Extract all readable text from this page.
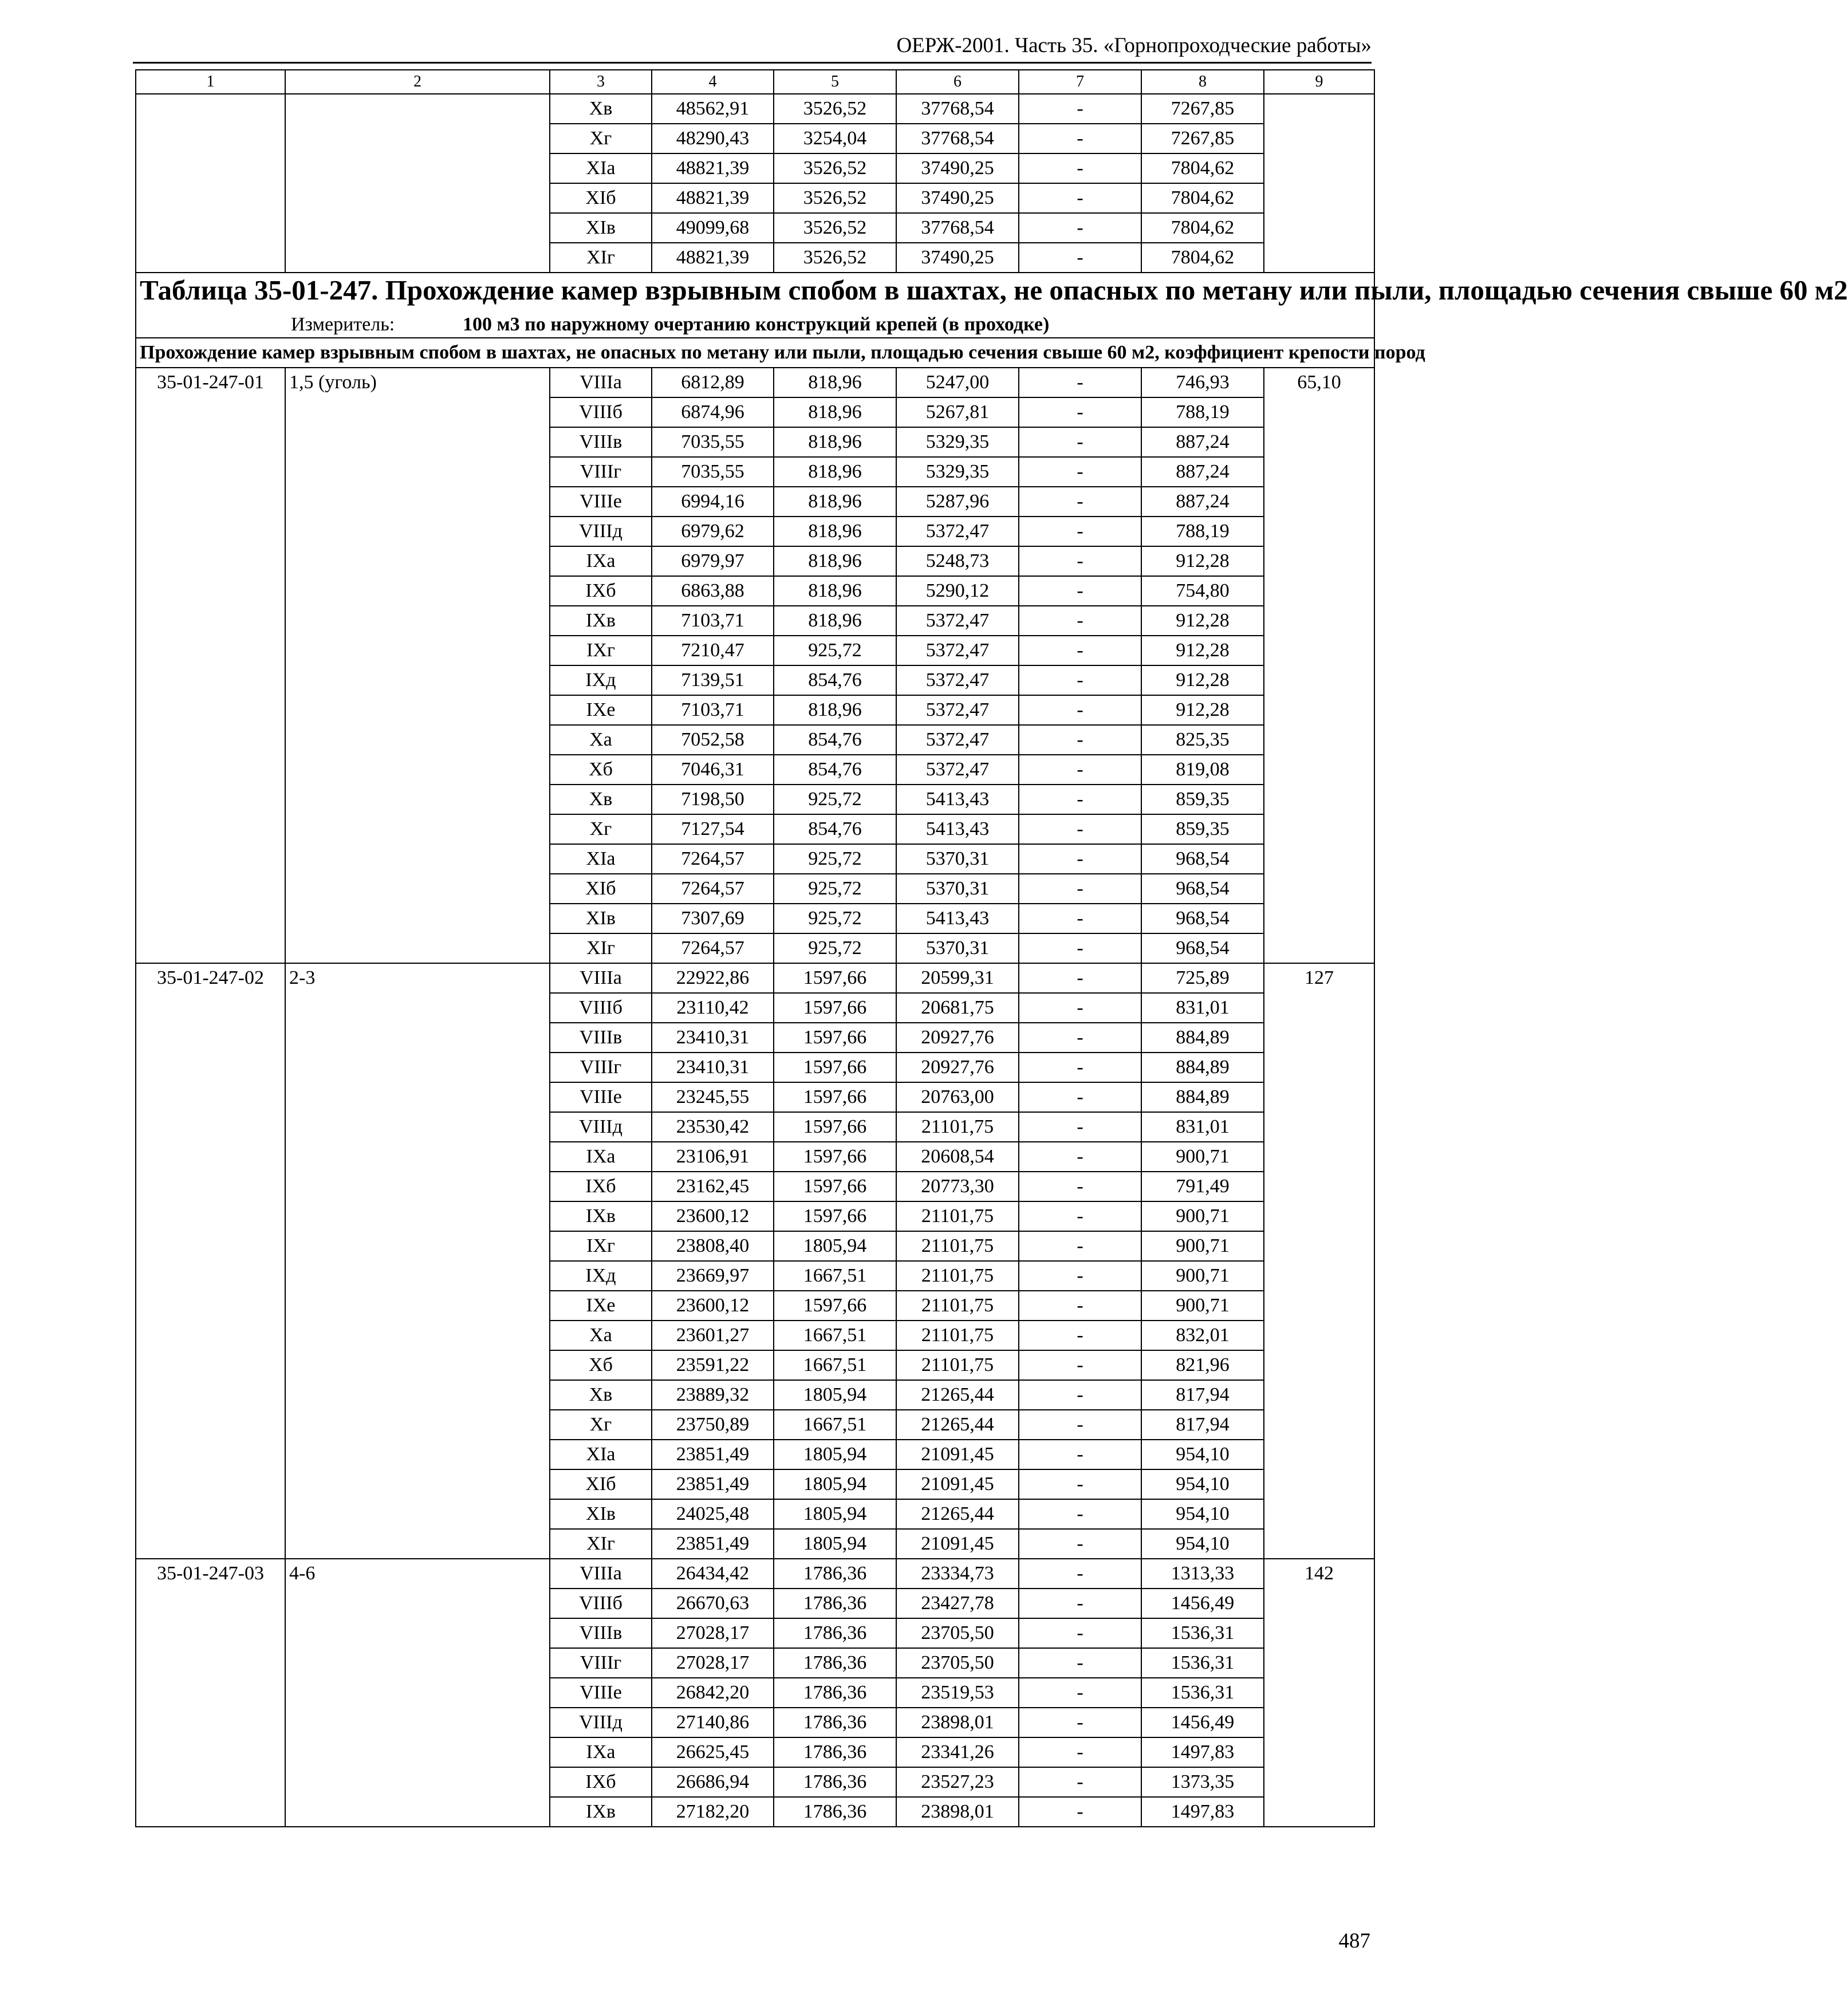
ОЕРЖ-2001. Часть 35. «Горнопроходческие работы»
1	2	3	4	5	6	7	8	9
		Xв	48562,91	3526,52	37768,54	-	7267,85	
		Xг	48290,43	3254,04	37768,54	-	7267,85	
		XIа	48821,39	3526,52	37490,25	-	7804,62	
		XIб	48821,39	3526,52	37490,25	-	7804,62	
		XIв	49099,68	3526,52	37768,54	-	7804,62	
		XIг	48821,39	3526,52	37490,25	-	7804,62	

Таблица 35-01-247. Прохождение камер взрывным спобом в шахтах, не опасных по метану или пыли, площадью сечения свыше 60 м2
Измеритель: 100 м3 по наружному очертанию конструкций крепей (в проходке)								

Прохождение камер взрывным спобом в шахтах, не опасных по метану или пыли, площадью сечения свыше 60 м2, коэффициент крепости пород								
35-01-247-01	1,5 (уголь)	VIIIа	6812,89	818,96	5247,00	-	746,93	65,10
		VIIIб	6874,96	818,96	5267,81	-	788,19	
		VIIIв	7035,55	818,96	5329,35	-	887,24	
		VIIIг	7035,55	818,96	5329,35	-	887,24	
		VIIIе	6994,16	818,96	5287,96	-	887,24	
		VIIIд	6979,62	818,96	5372,47	-	788,19	
		IXа	6979,97	818,96	5248,73	-	912,28	
		IXб	6863,88	818,96	5290,12	-	754,80	
		IXв	7103,71	818,96	5372,47	-	912,28	
		IXг	7210,47	925,72	5372,47	-	912,28	
		IXд	7139,51	854,76	5372,47	-	912,28	
		IXе	7103,71	818,96	5372,47	-	912,28	
		Xа	7052,58	854,76	5372,47	-	825,35	
		Xб	7046,31	854,76	5372,47	-	819,08	
		Xв	7198,50	925,72	5413,43	-	859,35	
		Xг	7127,54	854,76	5413,43	-	859,35	
		XIа	7264,57	925,72	5370,31	-	968,54	
		XIб	7264,57	925,72	5370,31	-	968,54	
		XIв	7307,69	925,72	5413,43	-	968,54	
		XIг	7264,57	925,72	5370,31	-	968,54	
35-01-247-02	2-3	VIIIа	22922,86	1597,66	20599,31	-	725,89	127
		VIIIб	23110,42	1597,66	20681,75	-	831,01	
		VIIIв	23410,31	1597,66	20927,76	-	884,89	
		VIIIг	23410,31	1597,66	20927,76	-	884,89	
		VIIIе	23245,55	1597,66	20763,00	-	884,89	
		VIIIд	23530,42	1597,66	21101,75	-	831,01	
		IXа	23106,91	1597,66	20608,54	-	900,71	
		IXб	23162,45	1597,66	20773,30	-	791,49	
		IXв	23600,12	1597,66	21101,75	-	900,71	
		IXг	23808,40	1805,94	21101,75	-	900,71	
		IXд	23669,97	1667,51	21101,75	-	900,71	
		IXе	23600,12	1597,66	21101,75	-	900,71	
		Xа	23601,27	1667,51	21101,75	-	832,01	
		Xб	23591,22	1667,51	21101,75	-	821,96	
		Xв	23889,32	1805,94	21265,44	-	817,94	
		Xг	23750,89	1667,51	21265,44	-	817,94	
		XIа	23851,49	1805,94	21091,45	-	954,10	
		XIб	23851,49	1805,94	21091,45	-	954,10	
		XIв	24025,48	1805,94	21265,44	-	954,10	
		XIг	23851,49	1805,94	21091,45	-	954,10	
35-01-247-03	4-6	VIIIа	26434,42	1786,36	23334,73	-	1313,33	142
		VIIIб	26670,63	1786,36	23427,78	-	1456,49	
		VIIIв	27028,17	1786,36	23705,50	-	1536,31	
		VIIIг	27028,17	1786,36	23705,50	-	1536,31	
		VIIIе	26842,20	1786,36	23519,53	-	1536,31	
		VIIIд	27140,86	1786,36	23898,01	-	1456,49	
		IXа	26625,45	1786,36	23341,26	-	1497,83	
		IXб	26686,94	1786,36	23527,23	-	1373,35	
		IXв	27182,20	1786,36	23898,01	-	1497,83	
487
